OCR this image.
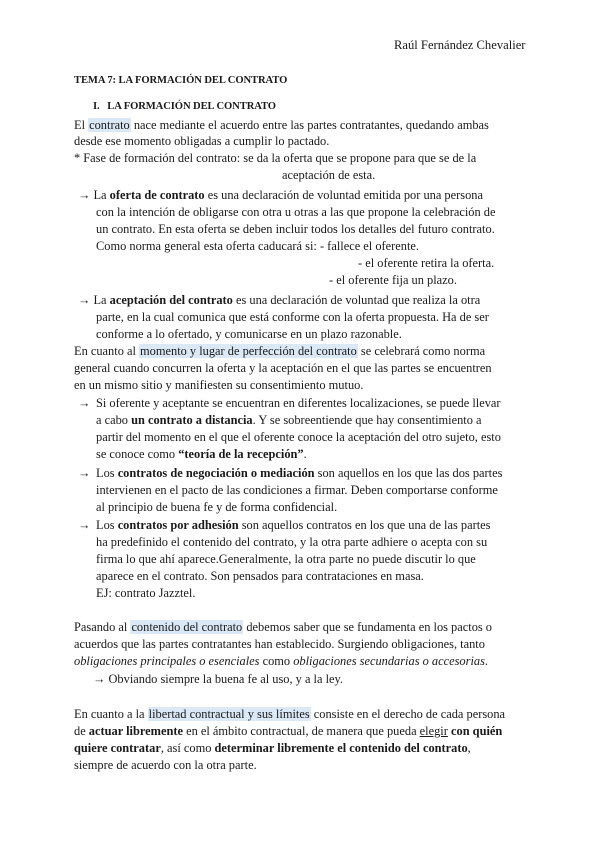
Raúl Fernández Chevalier
TEMA 7: LA FORMACIÓN DEL CONTRATO
I. LA FORMACIÓN DEL CONTRATO
El contrato nace mediante el acuerdo entre las partes contratantes, quedando ambas
desde ese momento obligadas a cumplir lo pactado.
* Fase de formación del contrato: se da la oferta que se propone para que se de la
aceptación de esta.
→ La oferta de contrato es una declaración de voluntad emitida por una persona
con la intención de obligarse con otra u otras a las que propone la celebración de
un contrato. En esta oferta se deben incluir todos los detalles del futuro contrato.
Como norma general esta oferta caducará si: - fallece el oferente.
- el oferente retira la oferta.
- el oferente fija un plazo.
→ La aceptación del contrato es una declaración de voluntad que realiza la otra
parte, en la cual comunica que está conforme con la oferta propuesta. Ha de ser
conforme a lo ofertado, y comunicarse en un plazo razonable.
En cuanto al momento y lugar de perfección del contrato se celebrará como norma
general cuando concurren la oferta y la aceptación en el que las partes se encuentren
en un mismo sitio y manifiesten su consentimiento mutuo.
→ Si oferente y aceptante se encuentran en diferentes localizaciones, se puede llevar
a cabo un contrato a distancia. Y se sobreentiende que hay consentimiento a
partir del momento en el que el oferente conoce la aceptación del otro sujeto, esto
se conoce como “teoría de la recepción”.
→ Los contratos de negociación o mediación son aquellos en los que las dos partes
intervienen en el pacto de las condiciones a firmar. Deben comportarse conforme
al principio de buena fe y de forma confidencial.
→ Los contratos por adhesión son aquellos contratos en los que una de las partes
ha predefinido el contenido del contrato, y la otra parte adhiere o acepta con su
firma lo que ahí aparece.Generalmente, la otra parte no puede discutir lo que
aparece en el contrato. Son pensados para contrataciones en masa.
EJ: contrato Jazztel.
Pasando al contenido del contrato debemos saber que se fundamenta en los pactos o
acuerdos que las partes contratantes han establecido. Surgiendo obligaciones, tanto
obligaciones principales o esenciales como obligaciones secundarias o accesorias.
→ Obviando siempre la buena fe al uso, y a la ley.
En cuanto a la libertad contractual y sus límites consiste en el derecho de cada persona
de actuar libremente en el ámbito contractual, de manera que pueda elegir con quién
quiere contratar, así como determinar libremente el contenido del contrato,
siempre de acuerdo con la otra parte.
